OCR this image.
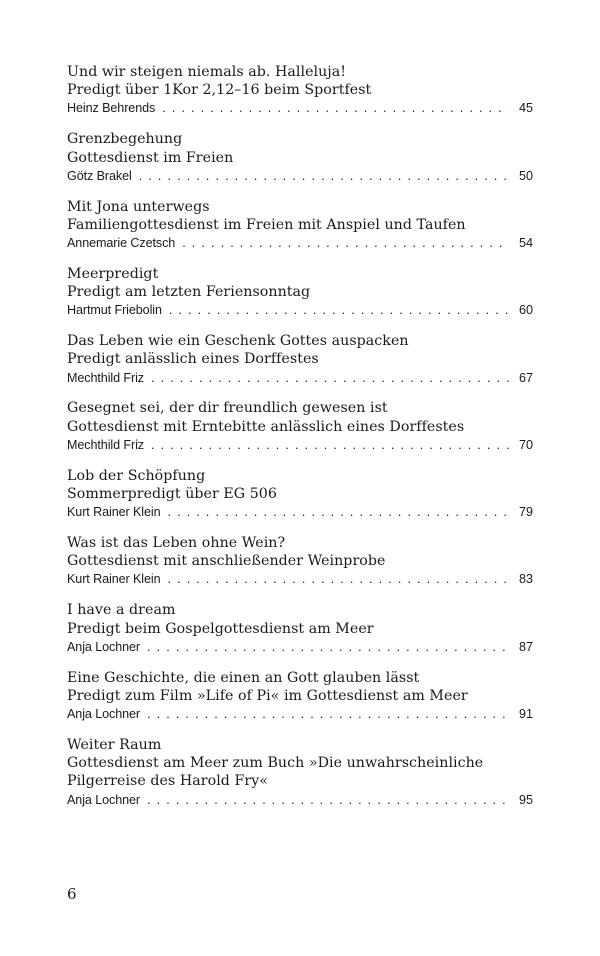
Und wir steigen niemals ab. Halleluja!
Predigt über 1Kor 2,12–16 beim Sportfest
Heinz Behrends . . .	45
Grenzbegehung
Gottesdienst im Freien
Götz Brakel . . .	50
Mit Jona unterwegs
Familiengottesdienst im Freien mit Anspiel und Taufen
Annemarie Czetsch . . .	54
Meerpredigt
Predigt am letzten Feriensonntag
Hartmut Friebolin . . .	60
Das Leben wie ein Geschenk Gottes auspacken
Predigt anlässlich eines Dorffestes
Mechthild Friz . . .	67
Gesegnet sei, der dir freundlich gewesen ist
Gottesdienst mit Erntebitte anlässlich eines Dorffestes
Mechthild Friz . . .	70
Lob der Schöpfung
Sommerpredigt über EG 506
Kurt Rainer Klein . . .	79
Was ist das Leben ohne Wein?
Gottesdienst mit anschließender Weinprobe
Kurt Rainer Klein . . .	83
I have a dream
Predigt beim Gospelgottesdienst am Meer
Anja Lochner . . .	87
Eine Geschichte, die einen an Gott glauben lässt
Predigt zum Film »Life of Pi« im Gottesdienst am Meer
Anja Lochner . . .	91
Weiter Raum
Gottesdienst am Meer zum Buch »Die unwahrscheinliche
Pilgerreise des Harold Fry«
Anja Lochner . . .	95
6
